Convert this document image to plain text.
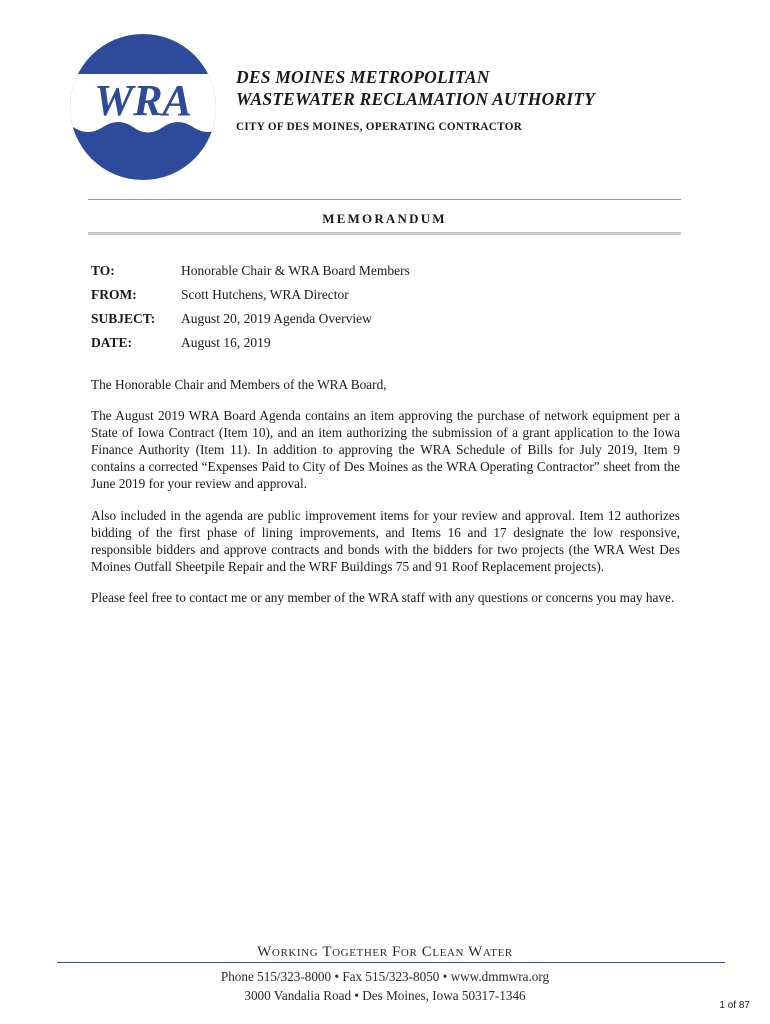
WRA	DES MOINES METROPOLITAN
WASTEWATER RECLAMATION AUTHORITY
CITY OF DES MOINES, OPERATING CONTRACTOR
MEMORANDUM
TO:	Honorable Chair & WRA Board Members
FROM:	Scott Hutchens, WRA Director
SUBJECT: August 20, 2019 Agenda Overview
DATE:	August 16, 2019

The Honorable Chair and Members of the WRA Board,

The August 2019 WRA Board Agenda contains an item approving the purchase of network equipment per a State of Iowa Contract (Item 10), and an item authorizing the submission of a grant application to the Iowa Finance Authority (Item 11). In addition to approving the WRA Schedule of Bills for July 2019, Item 9 contains a corrected “Expenses Paid to City of Des Moines as the WRA Operating Contractor” sheet from the June 2019 for your review and approval.

Also included in the agenda are public improvement items for your review and approval. Item 12 authorizes bidding of the first phase of lining improvements, and Items 16 and 17 designate the low responsive, responsible bidders and approve contracts and bonds with the bidders for two projects (the WRA West Des Moines Outfall Sheetpile Repair and the WRF Buildings 75 and 91 Roof Replacement projects).

Please feel free to contact me or any member of the WRA staff with any questions or concerns you may have.

Working Together For Clean Water
Phone 515/323-8000 • Fax 515/323-8050 • www.dmmwra.org
3000 Vandalia Road • Des Moines, Iowa 50317-1346
1 of 87
